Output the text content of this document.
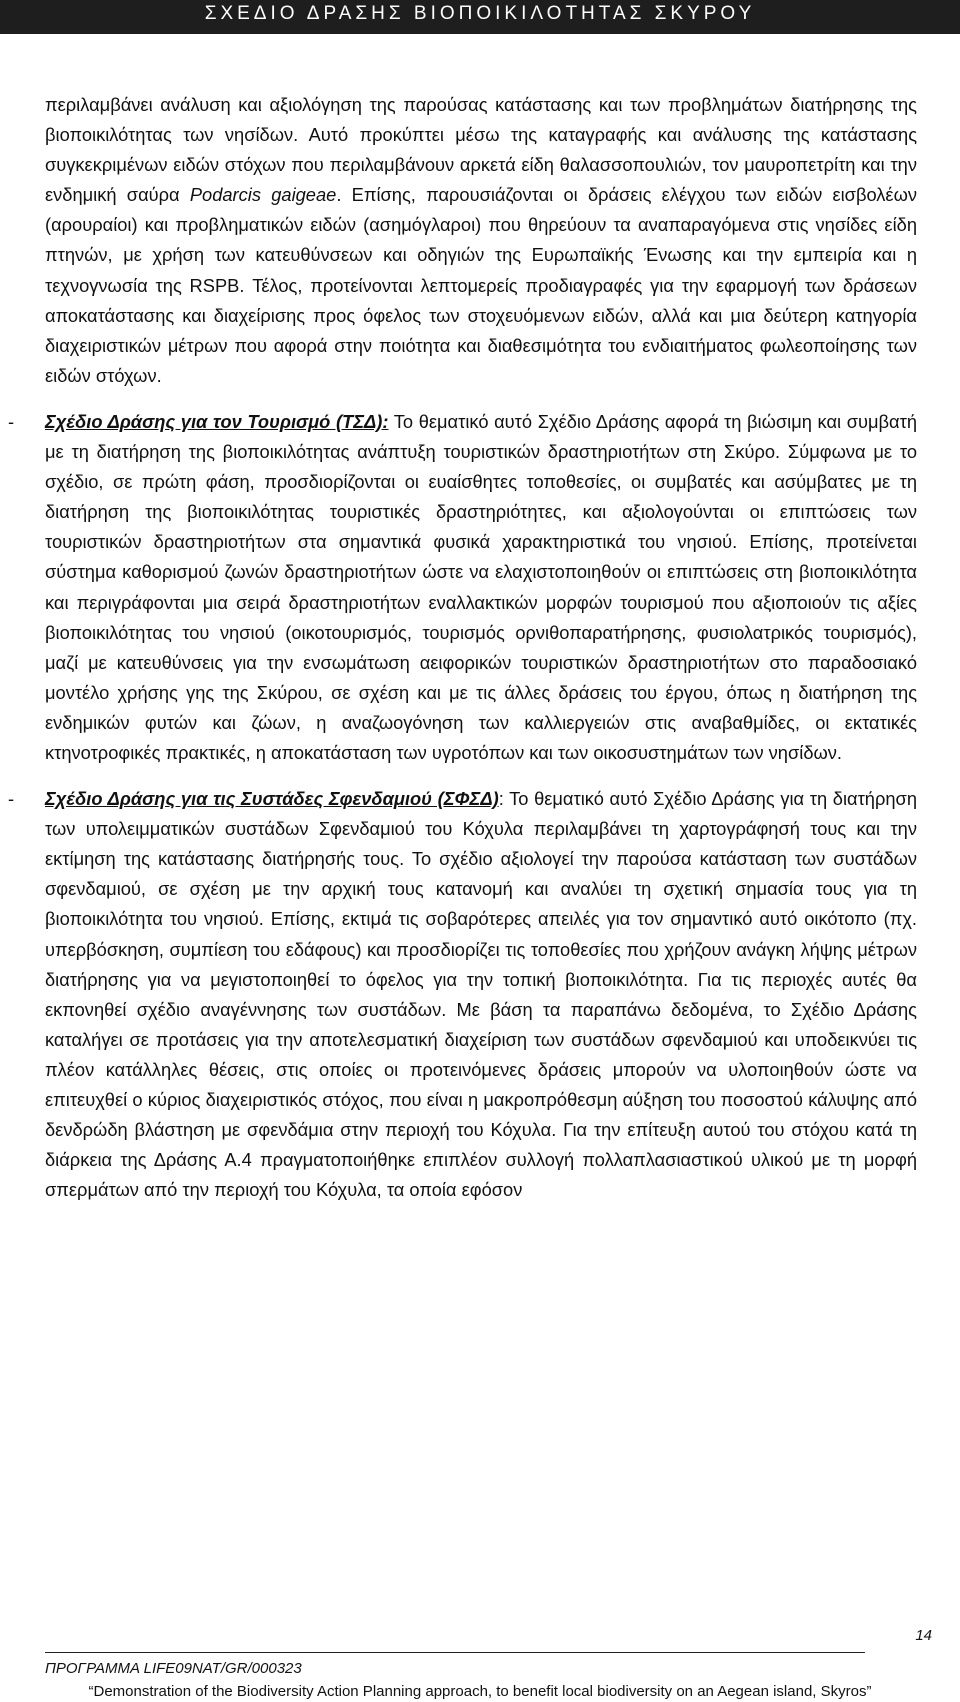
ΣΧΕΔΙΟ ΔΡΑΣΗΣ ΒΙΟΠΟΙΚΙΛΟΤΗΤΑΣ ΣΚΥΡΟΥ

περιλαμβάνει ανάλυση και αξιολόγηση της παρούσας κατάστασης και των προβλημάτων διατήρησης της βιοποικιλότητας των νησίδων. Αυτό προκύπτει μέσω της καταγραφής και ανάλυσης της κατάστασης συγκεκριμένων ειδών στόχων που περιλαμβάνουν αρκετά είδη θαλασσοπουλιών, τον μαυροπετρίτη και την ενδημική σαύρα Podarcis gaigeae. Επίσης, παρουσιάζονται οι δράσεις ελέγχου των ειδών εισβολέων (αρουραίοι) και προβληματικών ειδών (ασημόγλαροι) που θηρεύουν τα αναπαραγόμενα στις νησίδες είδη πτηνών, με χρήση των κατευθύνσεων και οδηγιών της Ευρωπαϊκής Ένωσης και την εμπειρία και η τεχνογνωσία της RSPB. Τέλος, προτείνονται λεπτομερείς προδιαγραφές για την εφαρμογή των δράσεων αποκατάστασης και διαχείρισης προς όφελος των στοχευόμενων ειδών, αλλά και μια δεύτερη κατηγορία διαχειριστικών μέτρων που αφορά στην ποιότητα και διαθεσιμότητα του ενδιαιτήματος φωλεοποίησης των ειδών στόχων.

- Σχέδιο Δράσης για τον Τουρισμό (ΤΣΔ): Το θεματικό αυτό Σχέδιο Δράσης αφορά τη βιώσιμη και συμβατή με τη διατήρηση της βιοποικιλότητας ανάπτυξη τουριστικών δραστηριοτήτων στη Σκύρο. Σύμφωνα με το σχέδιο, σε πρώτη φάση, προσδιορίζονται οι ευαίσθητες τοποθεσίες, οι συμβατές και ασύμβατες με τη διατήρηση της βιοποικιλότητας τουριστικές δραστηριότητες, και αξιολογούνται οι επιπτώσεις των τουριστικών δραστηριοτήτων στα σημαντικά φυσικά χαρακτηριστικά του νησιού. Επίσης, προτείνεται σύστημα καθορισμού ζωνών δραστηριοτήτων ώστε να ελαχιστοποιηθούν οι επιπτώσεις στη βιοποικιλότητα και περιγράφονται μια σειρά δραστηριοτήτων εναλλακτικών μορφών τουρισμού που αξιοποιούν τις αξίες βιοποικιλότητας του νησιού (οικοτουρισμός, τουρισμός ορνιθοπαρατήρησης, φυσιολατρικός τουρισμός), μαζί με κατευθύνσεις για την ενσωμάτωση αειφορικών τουριστικών δραστηριοτήτων στο παραδοσιακό μοντέλο χρήσης γης της Σκύρου, σε σχέση και με τις άλλες δράσεις του έργου, όπως η διατήρηση της ενδημικών φυτών και ζώων, η αναζωογόνηση των καλλιεργειών στις αναβαθμίδες, οι εκτατικές κτηνοτροφικές πρακτικές, η αποκατάσταση των υγροτόπων και των οικοσυστημάτων των νησίδων.

- Σχέδιο Δράσης για τις Συστάδες Σφενδαμιού (ΣΦΣΔ): Το θεματικό αυτό Σχέδιο Δράσης για τη διατήρηση των υπολειμματικών συστάδων Σφενδαμιού του Κόχυλα περιλαμβάνει τη χαρτογράφησή τους και την εκτίμηση της κατάστασης διατήρησής τους. Το σχέδιο αξιολογεί την παρούσα κατάσταση των συστάδων σφενδαμιού, σε σχέση με την αρχική τους κατανομή και αναλύει τη σχετική σημασία τους για τη βιοποικιλότητα του νησιού. Επίσης, εκτιμά τις σοβαρότερες απειλές για τον σημαντικό αυτό οικότοπο (πχ. υπερβόσκηση, συμπίεση του εδάφους) και προσδιορίζει τις τοποθεσίες που χρήζουν ανάγκη λήψης μέτρων διατήρησης για να μεγιστοποιηθεί το όφελος για την τοπική βιοποικιλότητα. Για τις περιοχές αυτές θα εκπονηθεί σχέδιο αναγέννησης των συστάδων. Με βάση τα παραπάνω δεδομένα, το Σχέδιο Δράσης καταλήγει σε προτάσεις για την αποτελεσματική διαχείριση των συστάδων σφενδαμιού και υποδεικνύει τις πλέον κατάλληλες θέσεις, στις οποίες οι προτεινόμενες δράσεις μπορούν να υλοποιηθούν ώστε να επιτευχθεί ο κύριος διαχειριστικός στόχος, που είναι η μακροπρόθεσμη αύξηση του ποσοστού κάλυψης από δενδρώδη βλάστηση με σφενδάμια στην περιοχή του Κόχυλα. Για την επίτευξη αυτού του στόχου κατά τη διάρκεια της Δράσης Α.4 πραγματοποιήθηκε επιπλέον συλλογή πολλαπλασιαστικού υλικού με τη μορφή σπερμάτων από την περιοχή του Κόχυλα, τα οποία εφόσον

14
ΠΡΟΓΡΑΜΜΑ LIFE09NAT/GR/000323
“Demonstration of the Biodiversity Action Planning approach, to benefit local biodiversity on an Aegean island, Skyros”
